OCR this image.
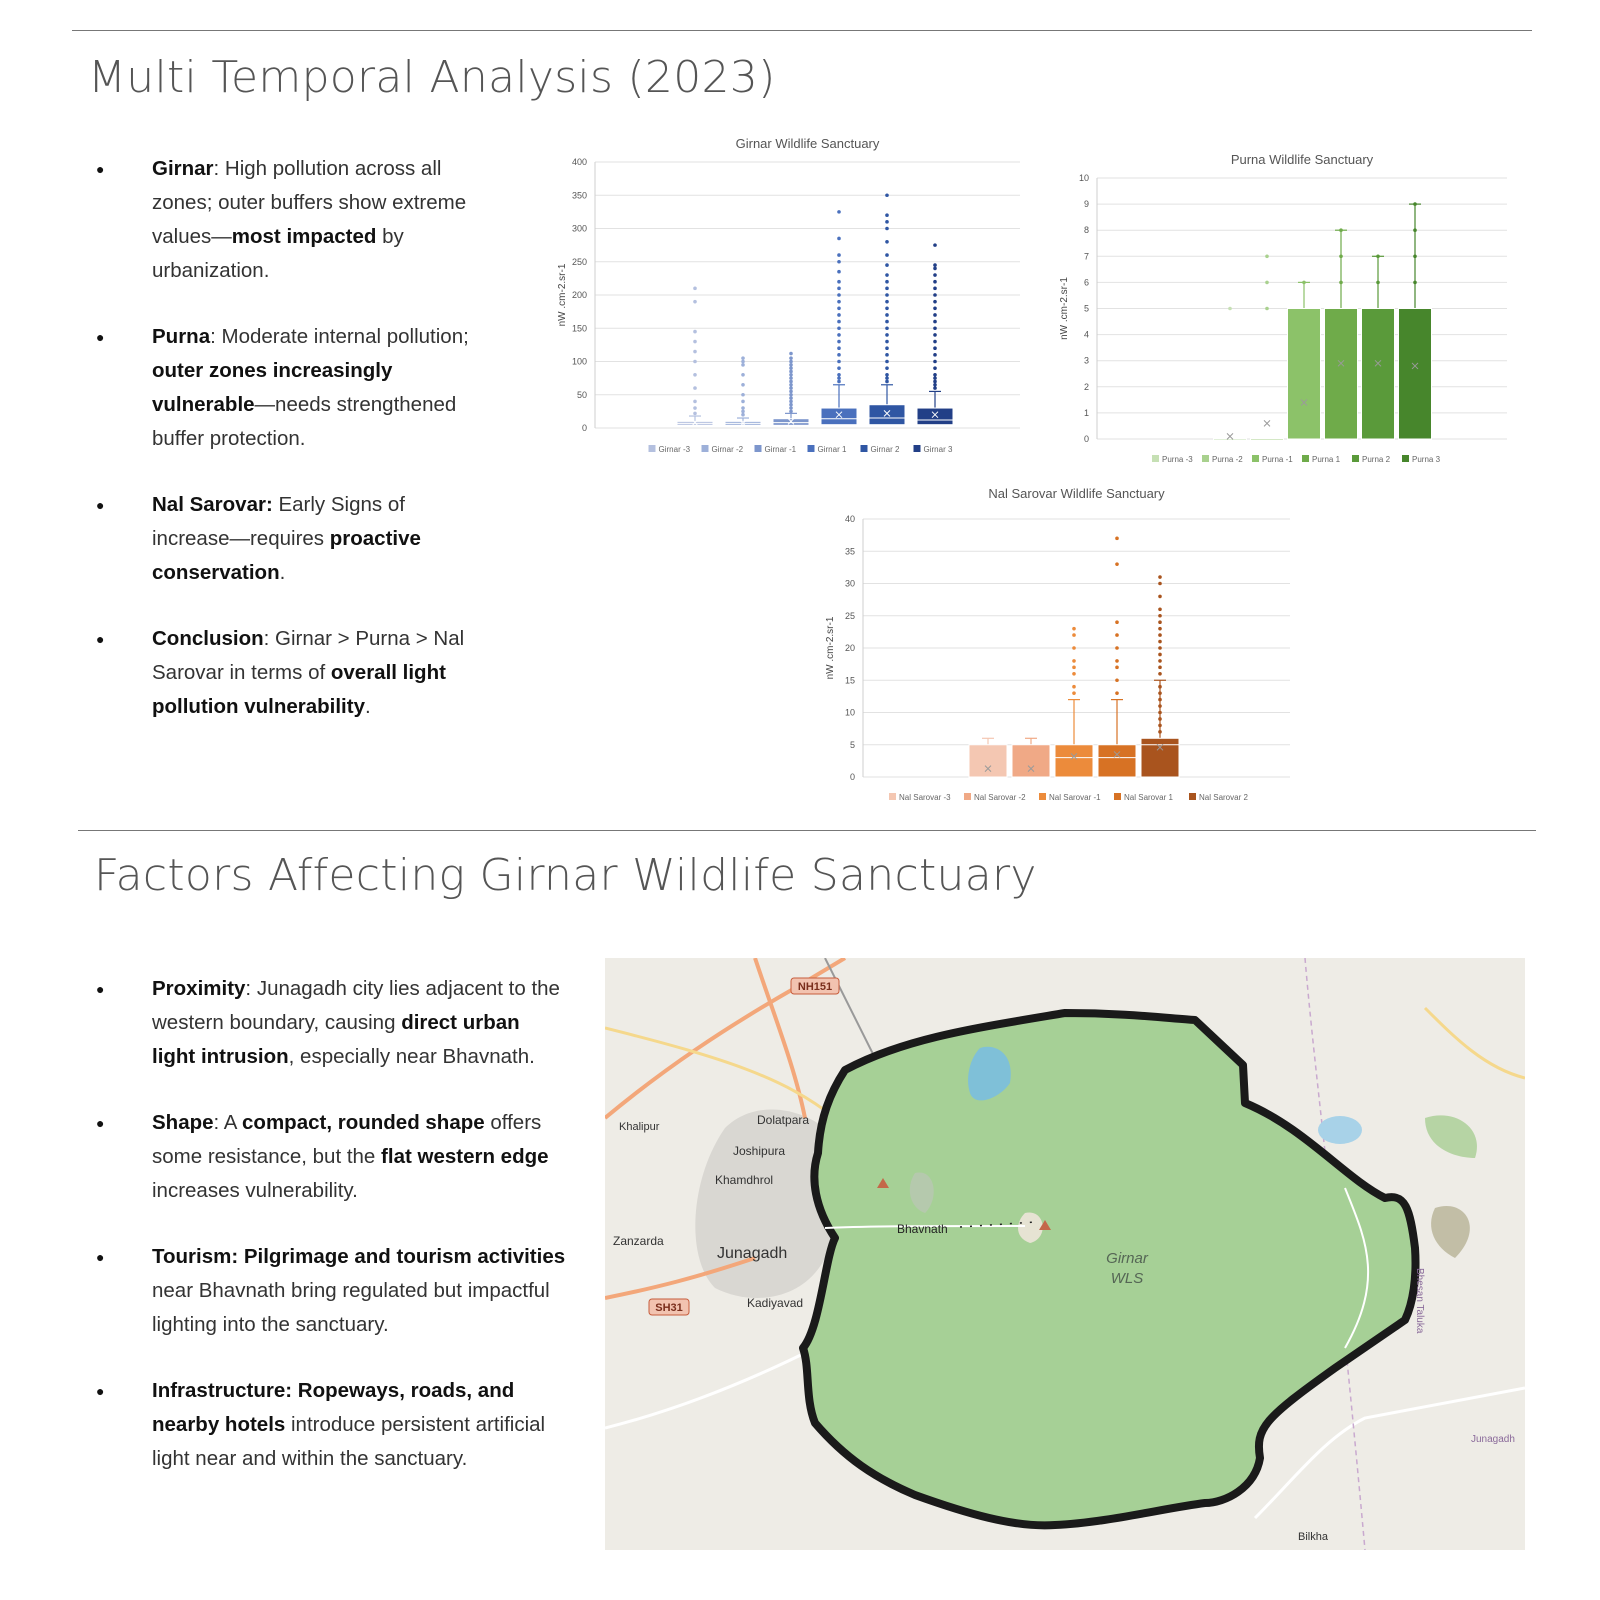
Multi Temporal Analysis (2023)
● Girnar: High pollution across all zones; outer buffers show extreme values—most impacted by urbanization.
● Purna: Moderate internal pollution; outer zones increasingly vulnerable—needs strengthened buffer protection.
● Nal Sarovar: Early Signs of increase—requires proactive conservation.
● Conclusion: Girnar > Purna > Nal Sarovar in terms of overall light pollution vulnerability.
Girnar Wildlife Sanctuary
nW .cm-2.sr-1
0
50
100
150
200
250
300
350
400
Girnar -3	Girnar -2	Girnar -1	Girnar 1	Girnar 2	Girnar 3
Purna Wildlife Sanctuary
nW .cm-2.sr-1
0
1
2
3
4
5
6
7
8
9
10
Purna -3 Purna -2 Purna -1 Purna 1	Purna 2	Purna 3
Nal Sarovar Wildlife Sanctuary
nW .cm-2.sr-1
0
5
10
15
20
25
30
35
40
Nal Sarovar -3	Nal Sarovar -2	Nal Sarovar -1	Nal Sarovar 1	Nal Sarovar 2
Factors Affecting Girnar Wildlife Sanctuary
● Proximity: Junagadh city lies adjacent to the western boundary, causing direct urban light intrusion, especially near Bhavnath.
● Shape: A compact, rounded shape offers some resistance, but the flat western edge increases vulnerability.
● Tourism: Pilgrimage and tourism activities near Bhavnath bring regulated but impactful lighting into the sanctuary.
● Infrastructure: Ropeways, roads, and nearby hotels introduce persistent artificial light near and within the sanctuary.
NH151
SH31
Khalipur	Dolatpara
Joshipura
Khamdhrol
Zanzarda
Junagadh
Kadiyavad
Bhavnath
Girnar
WLS
Bilkha
Bhesan Taluka
Junagadh
